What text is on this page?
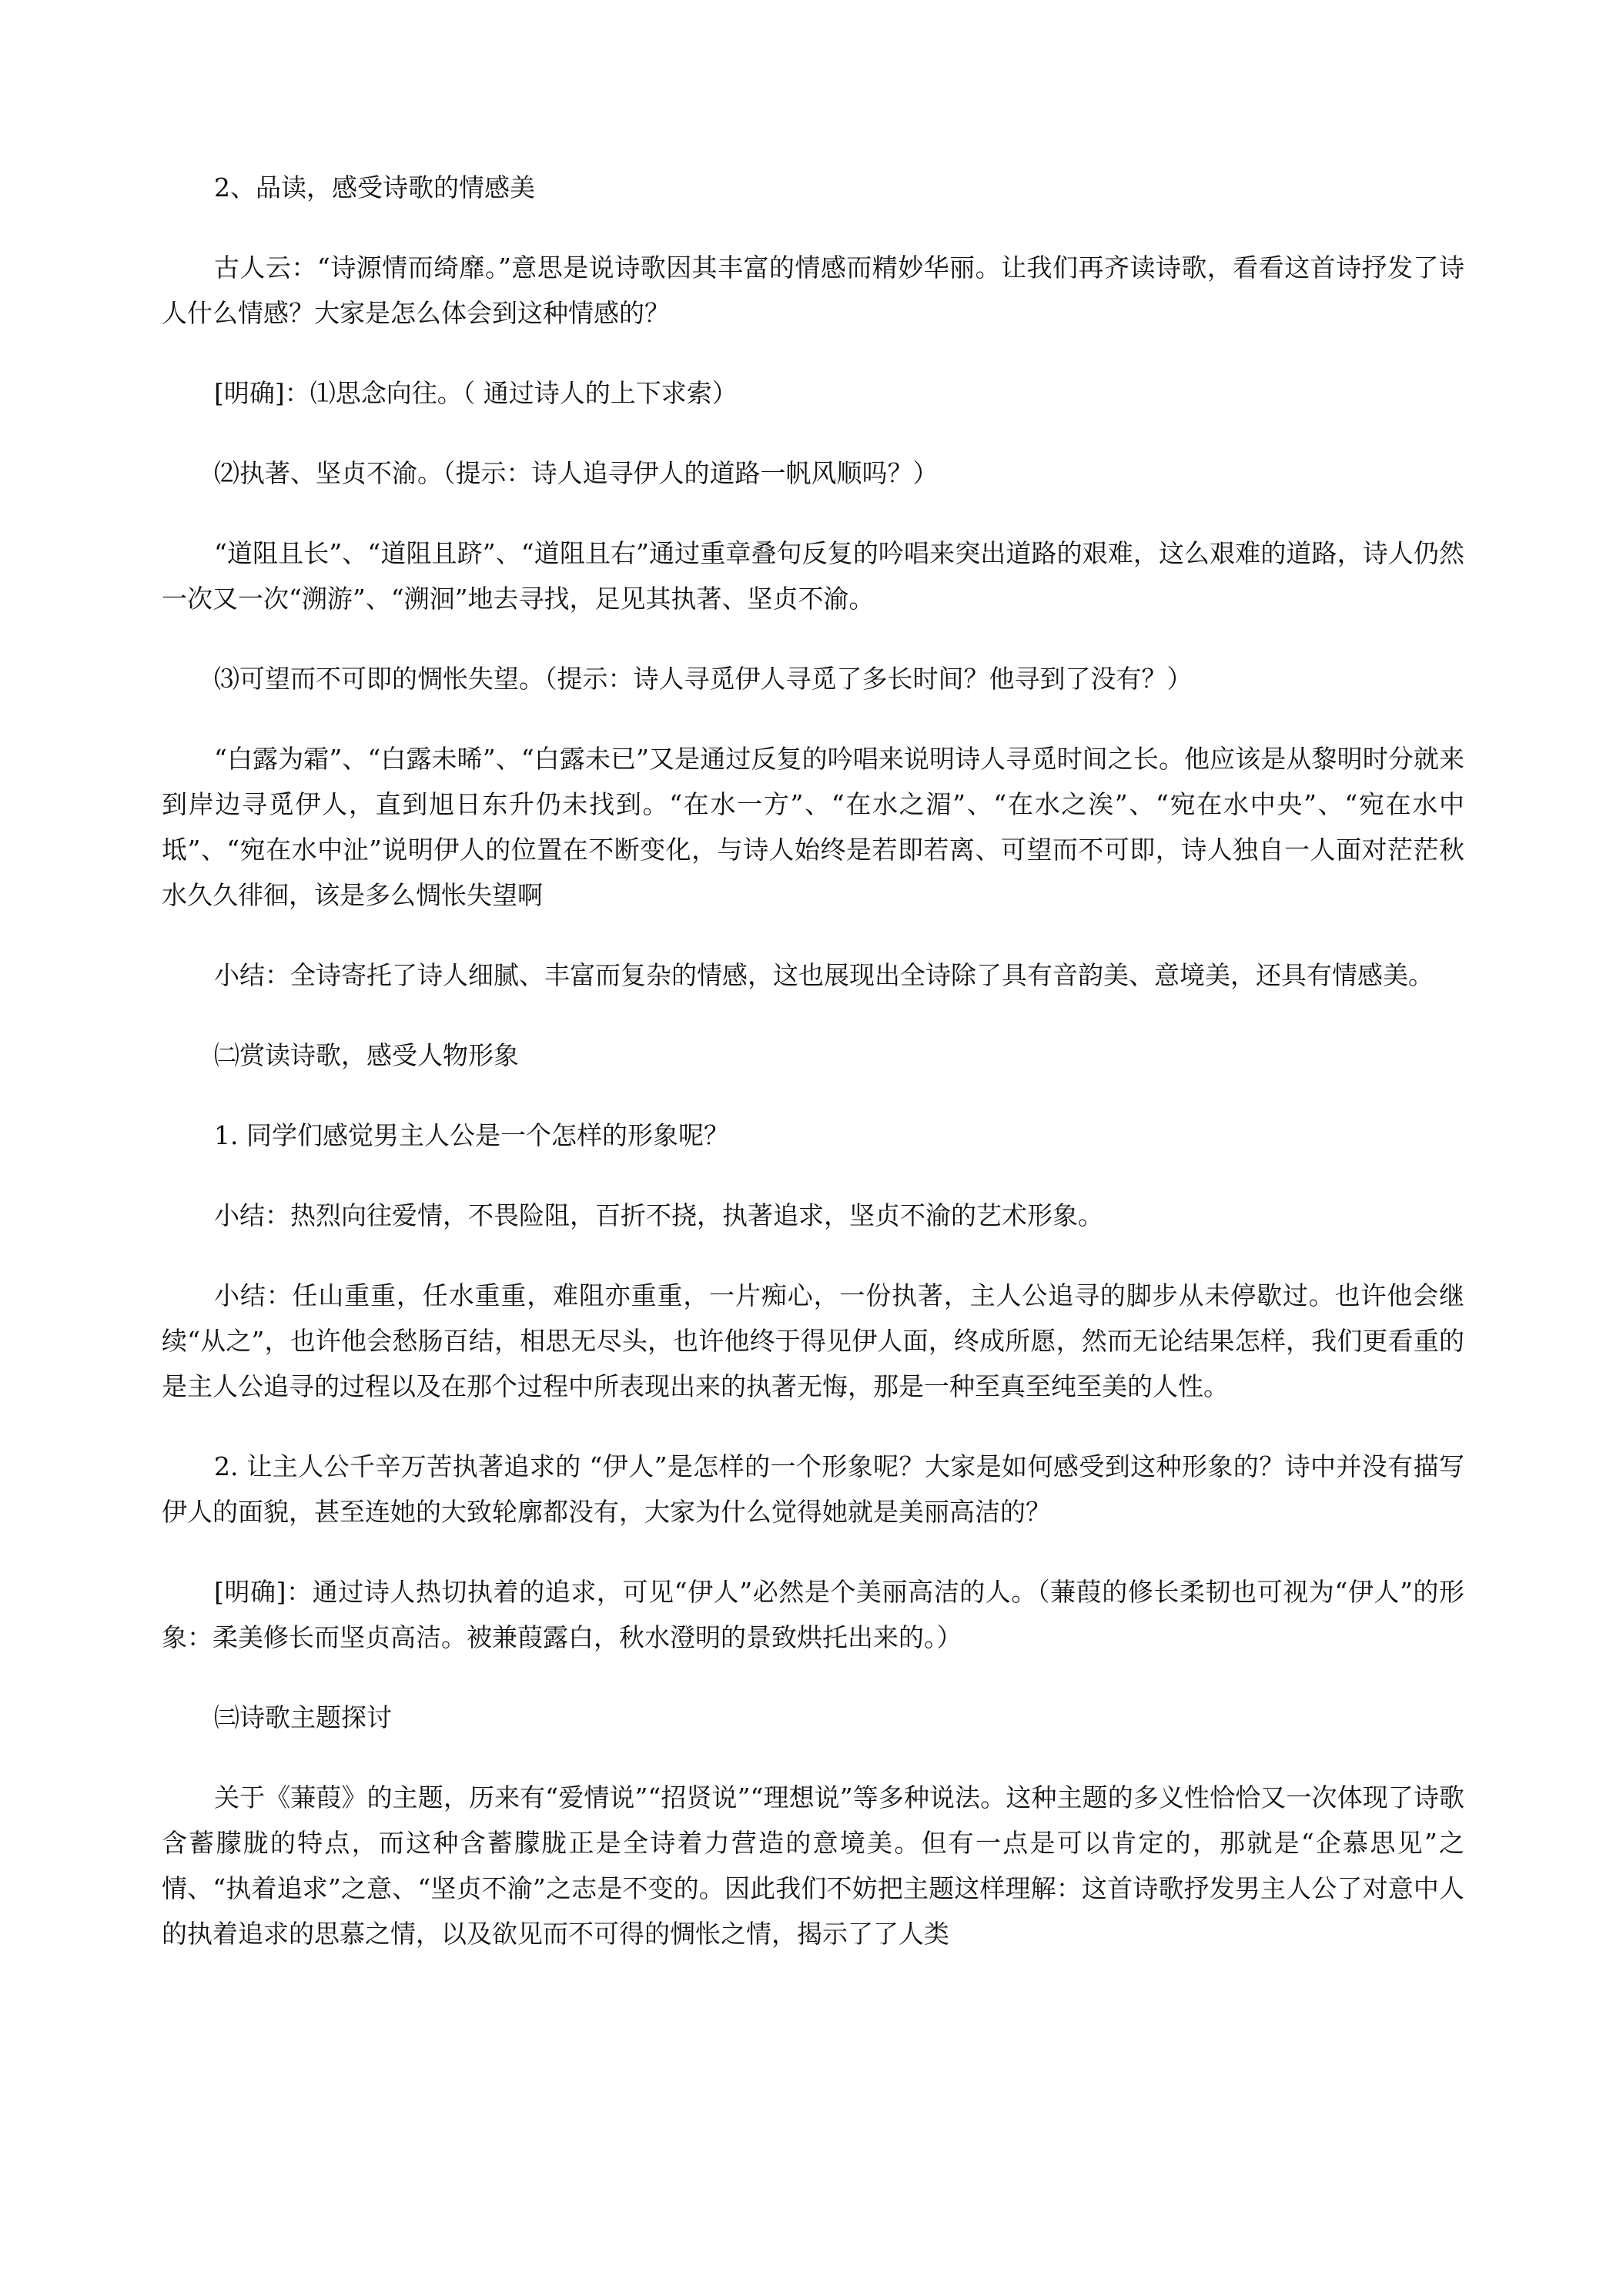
2、品读，感受诗歌的情感美

古人云：“诗源情而绮靡。”意思是说诗歌因其丰富的情感而精妙华丽。让我们再齐读诗歌，看看这首诗抒发了诗人什么情感？大家是怎么体会到这种情感的？

[明确]：⑴思念向往。（ 通过诗人的上下求索）

⑵执著、坚贞不渝。（提示：诗人追寻伊人的道路一帆风顺吗？）

“道阻且长”、“道阻且跻”、“道阻且右”通过重章叠句反复的吟唱来突出道路的艰难，这么艰难的道路，诗人仍然一次又一次“溯游”、“溯洄”地去寻找，足见其执著、坚贞不渝。

⑶可望而不可即的惆怅失望。（提示：诗人寻觅伊人寻觅了多长时间？他寻到了没有？）

“白露为霜”、“白露未晞”、“白露未已”又是通过反复的吟唱来说明诗人寻觅时间之长。他应该是从黎明时分就来到岸边寻觅伊人，直到旭日东升仍未找到。“在水一方”、“在水之湄”、“在水之涘”、“宛在水中央”、“宛在水中坻”、“宛在水中沚”说明伊人的位置在不断变化，与诗人始终是若即若离、可望而不可即，诗人独自一人面对茫茫秋水久久徘徊，该是多么惆怅失望啊

小结：全诗寄托了诗人细腻、丰富而复杂的情感，这也展现出全诗除了具有音韵美、意境美，还具有情感美。

㈡赏读诗歌，感受人物形象

1. 同学们感觉男主人公是一个怎样的形象呢？

小结：热烈向往爱情，不畏险阻，百折不挠，执著追求，坚贞不渝的艺术形象。

小结：任山重重，任水重重，难阻亦重重，一片痴心，一份执著，主人公追寻的脚步从未停歇过。也许他会继续“从之”，也许他会愁肠百结，相思无尽头，也许他终于得见伊人面，终成所愿，然而无论结果怎样，我们更看重的是主人公追寻的过程以及在那个过程中所表现出来的执著无悔，那是一种至真至纯至美的人性。

2. 让主人公千辛万苦执著追求的 “伊人”是怎样的一个形象呢？大家是如何感受到这种形象的？诗中并没有描写伊人的面貌，甚至连她的大致轮廓都没有，大家为什么觉得她就是美丽高洁的？

[明确]：通过诗人热切执着的追求，可见“伊人”必然是个美丽高洁的人。（蒹葭的修长柔韧也可视为“伊人”的形象：柔美修长而坚贞高洁。被兼葭露白，秋水澄明的景致烘托出来的。）

㈢诗歌主题探讨

关于《蒹葭》的主题，历来有“爱情说”“招贤说”“理想说”等多种说法。这种主题的多义性恰恰又一次体现了诗歌含蓄朦胧的特点，而这种含蓄朦胧正是全诗着力营造的意境美。但有一点是可以肯定的，那就是“企慕思见”之情、“执着追求”之意、“坚贞不渝”之志是不变的。因此我们不妨把主题这样理解：这首诗歌抒发男主人公了对意中人的执着追求的思慕之情，以及欲见而不可得的惆怅之情，揭示了了人类
